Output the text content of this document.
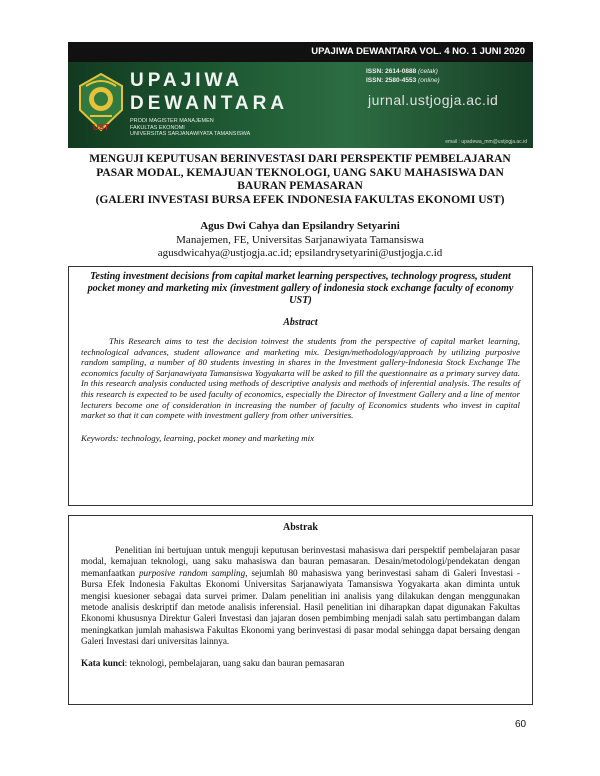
UPAJIWA DEWANTARA VOL. 4 NO. 1 JUNI 2020
UST
UPAJIWA
DEWANTARA
PRODI MAGISTER MANAJEMEN
FAKULTAS EKONOMI
UNIVERSITAS SARJANAWIYATA TAMANSISWA
ISSN: 2614-0888 (cetak)
ISSN: 2580-4553 (online)
jurnal.ustjogja.ac.id
email : upadewa_mm@ustjogja.ac.id
MENGUJI KEPUTUSAN BERINVESTASI DARI PERSPEKTIF PEMBELAJARAN
PASAR MODAL, KEMAJUAN TEKNOLOGI, UANG SAKU MAHASISWA DAN
BAURAN PEMASARAN
(GALERI INVESTASI BURSA EFEK INDONESIA FAKULTAS EKONOMI UST)
Agus Dwi Cahya dan Epsilandry Setyarini
Manajemen, FE, Universitas Sarjanawiyata Tamansiswa
agusdwicahya@ustjogja.ac.id; epsilandrysetyarini@ustjogja.c.id
Testing investment decisions from capital market learning perspectives, technology progress, student pocket money and marketing mix (investment gallery of indonesia stock exchange faculty of economy UST)
Abstract
This Research aims to test the decision toinvest the students from the perspective of capital market learning, technological advances, student allowance and marketing mix. Design/methodology/approach by utilizing purposive random sampling, a number of 80 students investing in shares in the Investment gallery-Indonesia Stock Exchange The economics faculty of Sarjanawiyata Tamansiswa Yogyakarta will be asked to fill the questionnaire as a primary survey data. In this research analysis conducted using methods of descriptive analysis and methods of inferential analysis. The results of this research is expected to be used faculty of economics, especially the Director of Investment Gallery and a line of mentor lecturers become one of consideration in increasing the number of faculty of Economics students who invest in capital market so that it can compete with investment gallery from other universities.
Keywords: technology, learning, pocket money and marketing mix
Abstrak
Penelitian ini bertujuan untuk menguji keputusan berinvestasi mahasiswa dari perspektif pembelajaran pasar modal, kemajuan teknologi, uang saku mahasiswa dan bauran pemasaran. Desain/metodologi/pendekatan dengan memanfaatkan purposive random sampling, sejumlah 80 mahasiswa yang berinvestasi saham di Galeri Investasi - Bursa Efek Indonesia Fakultas Ekonomi Universitas Sarjanawiyata Tamansiswa Yogyakarta akan diminta untuk mengisi kuesioner sebagai data survei primer. Dalam penelitian ini analisis yang dilakukan dengan menggunakan metode analisis deskriptif dan metode analisis inferensial. Hasil penelitian ini diharapkan dapat digunakan Fakultas Ekonomi khususnya Direktur Galeri Investasi dan jajaran dosen pembimbing menjadi salah satu pertimbangan dalam meningkatkan jumlah mahasiswa Fakultas Ekonomi yang berinvestasi di pasar modal sehingga dapat bersaing dengan Galeri Investasi dari universitas lainnya.
Kata kunci: teknologi, pembelajaran, uang saku dan bauran pemasaran
60
